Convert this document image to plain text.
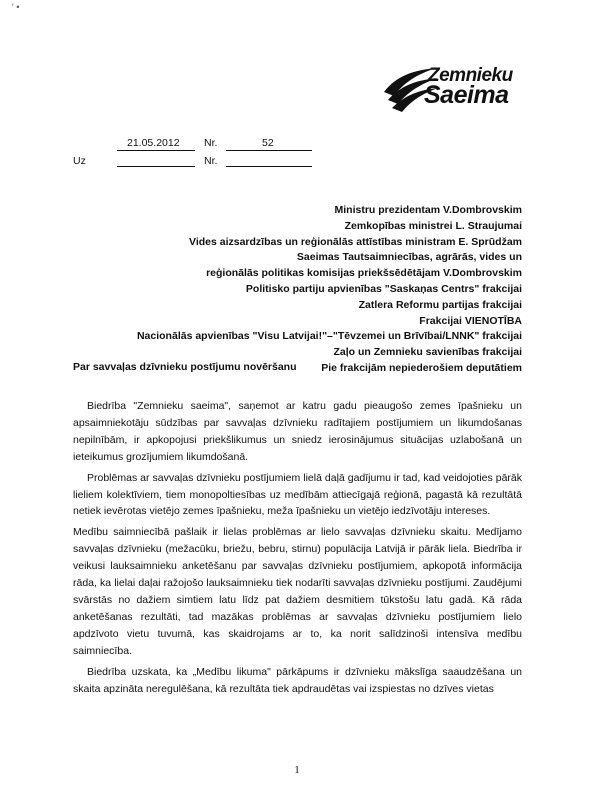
′ •
Zemnieku
Saeima
21.05.2012 Nr.	52
Uz	Nr.
Ministru prezidentam V.Dombrovskim
Zemkopības ministrei L. Straujumai
Vides aizsardzības un reģionālās attīstības ministram E. Sprūdžam
Saeimas Tautsaimniecības, agrārās, vides un
reģionālās politikas komisijas priekšsēdētājam V.Dombrovskim
Politisko partiju apvienības "Saskaņas Centrs" frakcijai
Zatlera Reformu partijas frakcijai
Frakcijai VIENOTĪBA
Nacionālās apvienības "Visu Latvijai!"–"Tēvzemei un Brīvībai/LNNK" frakcijai
Zaļo un Zemnieku savienības frakcijai
Pie frakcijām nepiederošiem deputātiem
Par savvaļas dzīvnieku postījumu novēršanu

Biedrība "Zemnieku saeima", saņemot ar katru gadu pieaugošo zemes īpašnieku un apsaimniekotāju sūdzības par savvaļas dzīvnieku radītajiem postījumiem un likumdošanas nepilnībām, ir apkopojusi priekšlikumus un sniedz ierosinājumus situācijas uzlabošanā un ieteikumus grozījumiem likumdošanā.

Problēmas ar savvaļas dzīvnieku postījumiem lielā daļā gadījumu ir tad, kad veidojoties pārāk lieliem kolektīviem, tiem monopoltiesības uz medībām attiecīgajā reģionā, pagastā kā rezultātā netiek ievērotas vietējo zemes īpašnieku, meža īpašnieku un vietējo iedzīvotāju intereses.

Medību saimniecībā pašlaik ir lielas problēmas ar lielo savvaļas dzīvnieku skaitu. Medījamo savvaļas dzīvnieku (mežacūku, briežu, bebru, stirnu) populācija Latvijā ir pārāk liela. Biedrība ir veikusi lauksaimnieku anketēšanu par savvaļas dzīvnieku postījumiem, apkopotā informācija rāda, ka lielai daļai ražojošo lauksaimnieku tiek nodarīti savvaļas dzīvnieku postījumi. Zaudējumi svārstās no dažiem simtiem latu līdz pat dažiem desmitiem tūkstošu latu gadā. Kā rāda anketēšanas rezultāti, tad mazākas problēmas ar savvaļas dzīvnieku postījumiem lielo apdzīvoto vietu tuvumā, kas skaidrojams ar to, ka norit salīdzinoši intensīva medību saimniecība.

Biedrība uzskata, ka „Medību likuma" pārkāpums ir dzīvnieku mākslīga saaudzēšana un skaita apzināta neregulēšana, kā rezultāta tiek apdraudētas vai izspiestas no dzīves vietas

1
